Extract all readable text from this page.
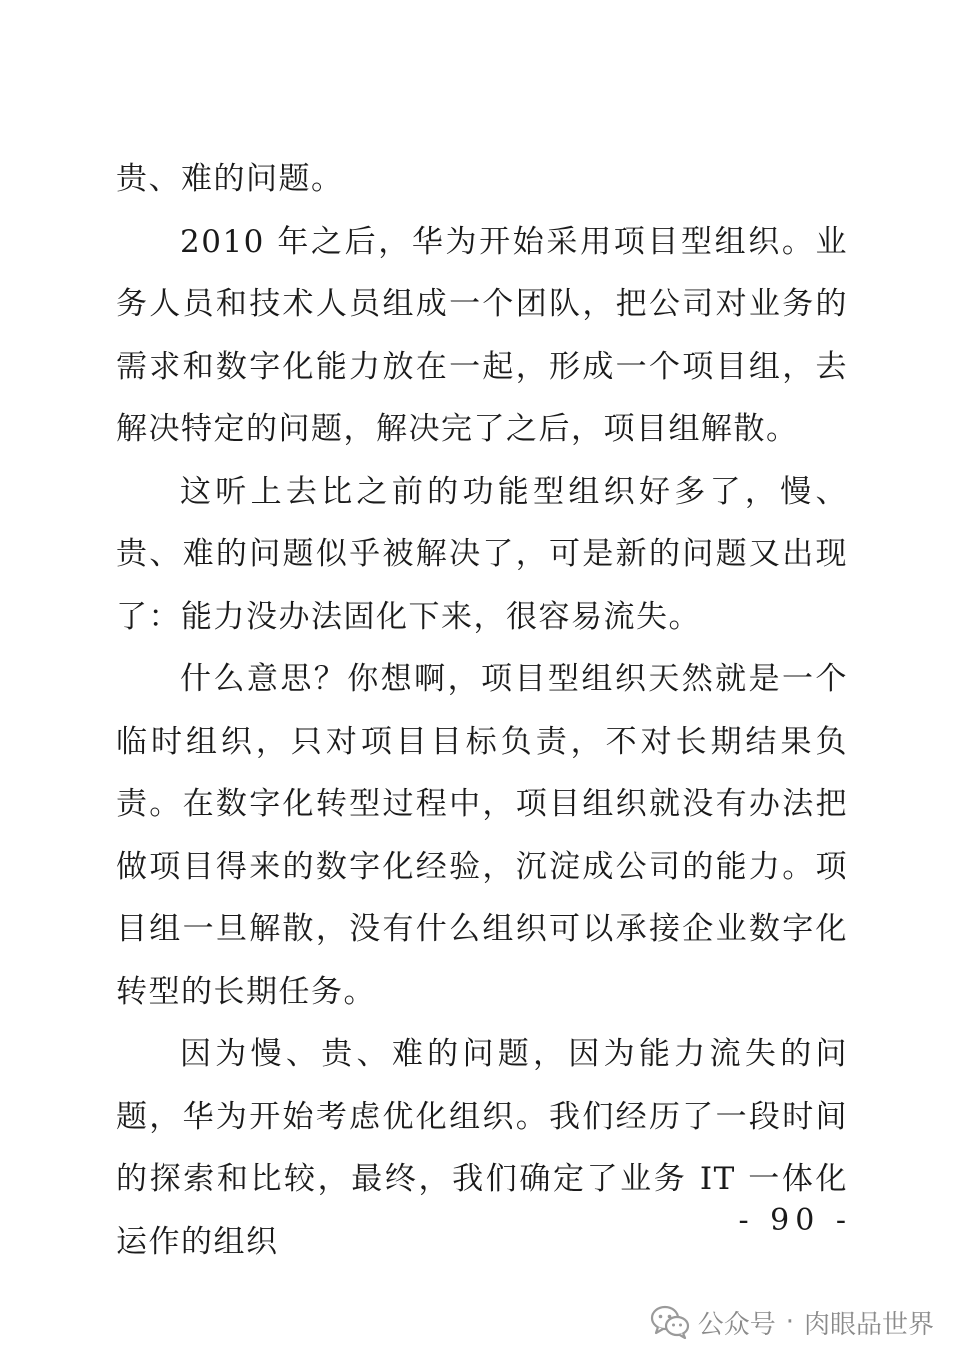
贵、难的问题。

2010 年之后，华为开始采用项目型组织。业务人员和技术人员组成一个团队，把公司对业务的需求和数字化能力放在一起，形成一个项目组，去解决特定的问题，解决完了之后，项目组解散。

这听上去比之前的功能型组织好多了，慢、贵、难的问题似乎被解决了，可是新的问题又出现了：能力没办法固化下来，很容易流失。

什么意思？你想啊，项目型组织天然就是一个临时组织，只对项目目标负责，不对长期结果负责。在数字化转型过程中，项目组织就没有办法把做项目得来的数字化经验，沉淀成公司的能力。项目组一旦解散，没有什么组织可以承接企业数字化转型的长期任务。

因为慢、贵、难的问题，因为能力流失的问题，华为开始考虑优化组织。我们经历了一段时间的探索和比较，最终，我们确定了业务 IT 一体化运作的组织

- 90 -
公众号 · 肉眼品世界
